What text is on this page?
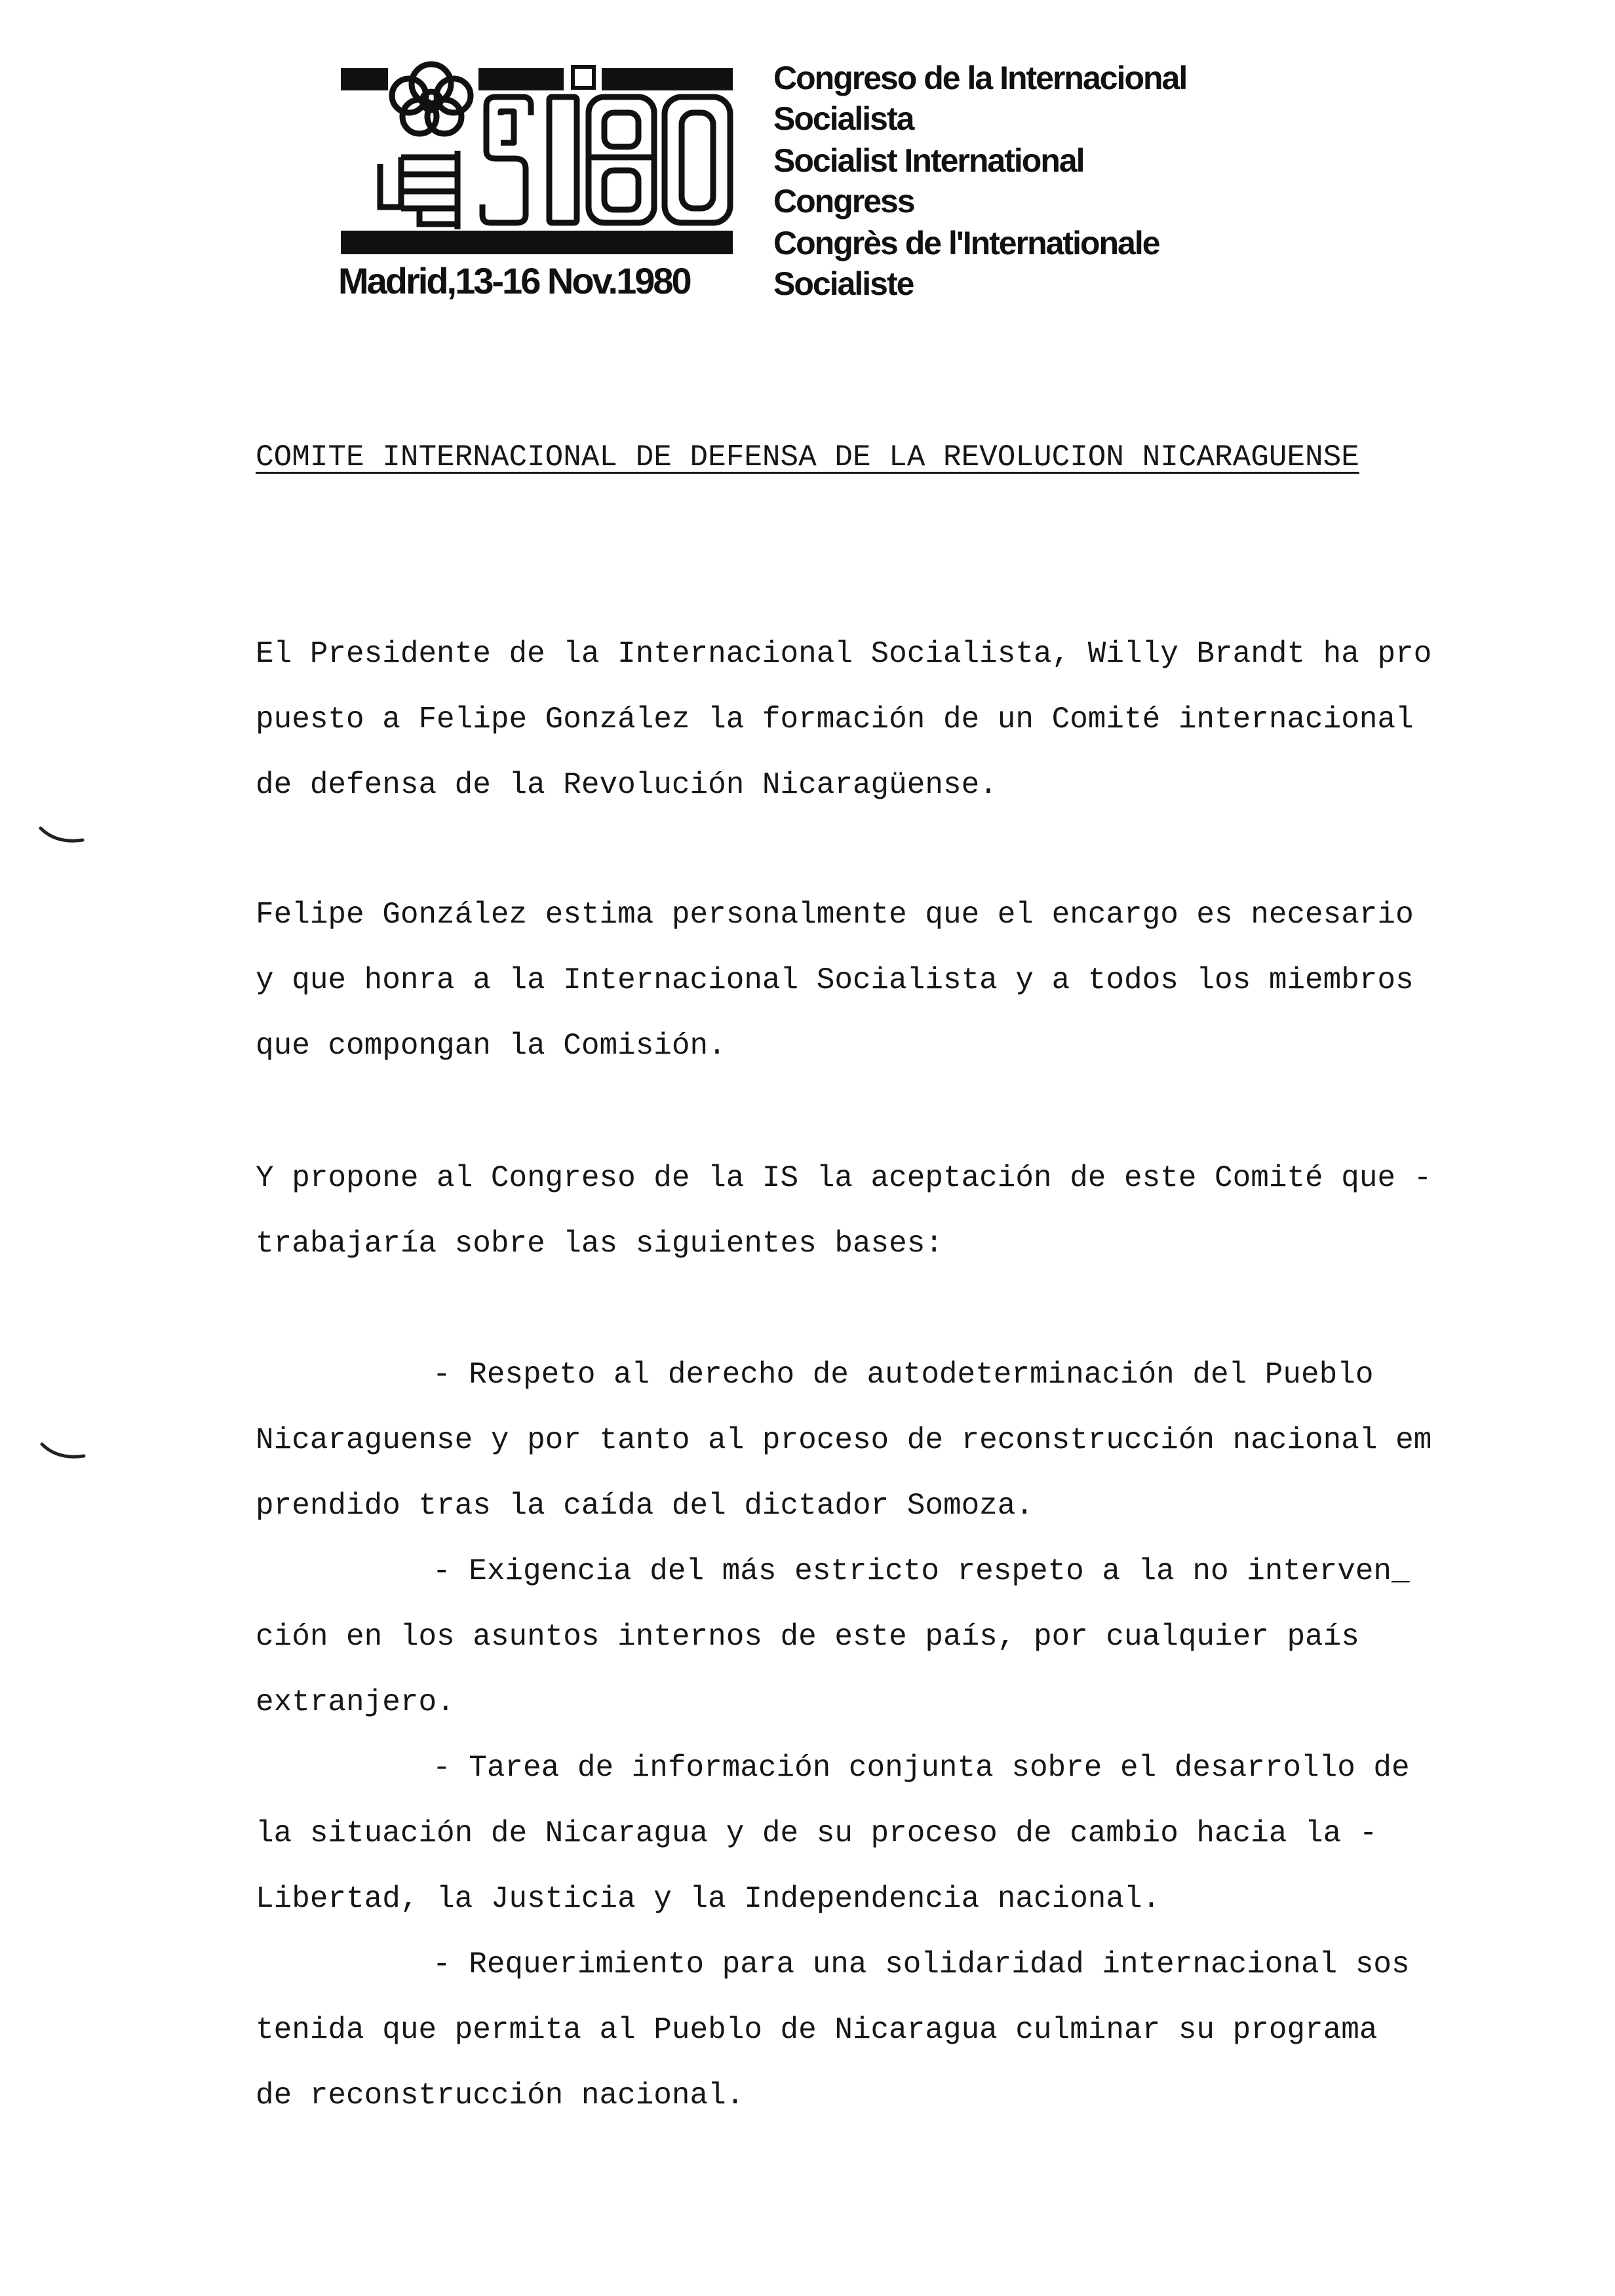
Madrid,13-16 Nov.1980
Congreso de la Internacional
Socialista
Socialist International
Congress
Congrès de l'Internationale
Socialiste
COMITE INTERNACIONAL DE DEFENSA DE LA REVOLUCION NICARAGUENSE
El Presidente de la Internacional Socialista, Willy Brandt ha pro
puesto a Felipe González la formación de un Comité internacional
de defensa de la Revolución Nicaragüense.
Felipe González estima personalmente que el encargo es necesario
y que honra a la Internacional Socialista y a todos los miembros
que compongan la Comisión.
Y propone al Congreso de la IS la aceptación de este Comité que -
trabajaría sobre las siguientes bases:
- Respeto al derecho de autodeterminación del Pueblo
Nicaraguense y por tanto al proceso de reconstrucción nacional em
prendido tras la caída del dictador Somoza.
- Exigencia del más estricto respeto a la no interven_
ción en los asuntos internos de este país, por cualquier país
extranjero.
- Tarea de información conjunta sobre el desarrollo de
la situación de Nicaragua y de su proceso de cambio hacia la -
Libertad, la Justicia y la Independencia nacional.
- Requerimiento para una solidaridad internacional sos
tenida que permita al Pueblo de Nicaragua culminar su programa
de reconstrucción nacional.
